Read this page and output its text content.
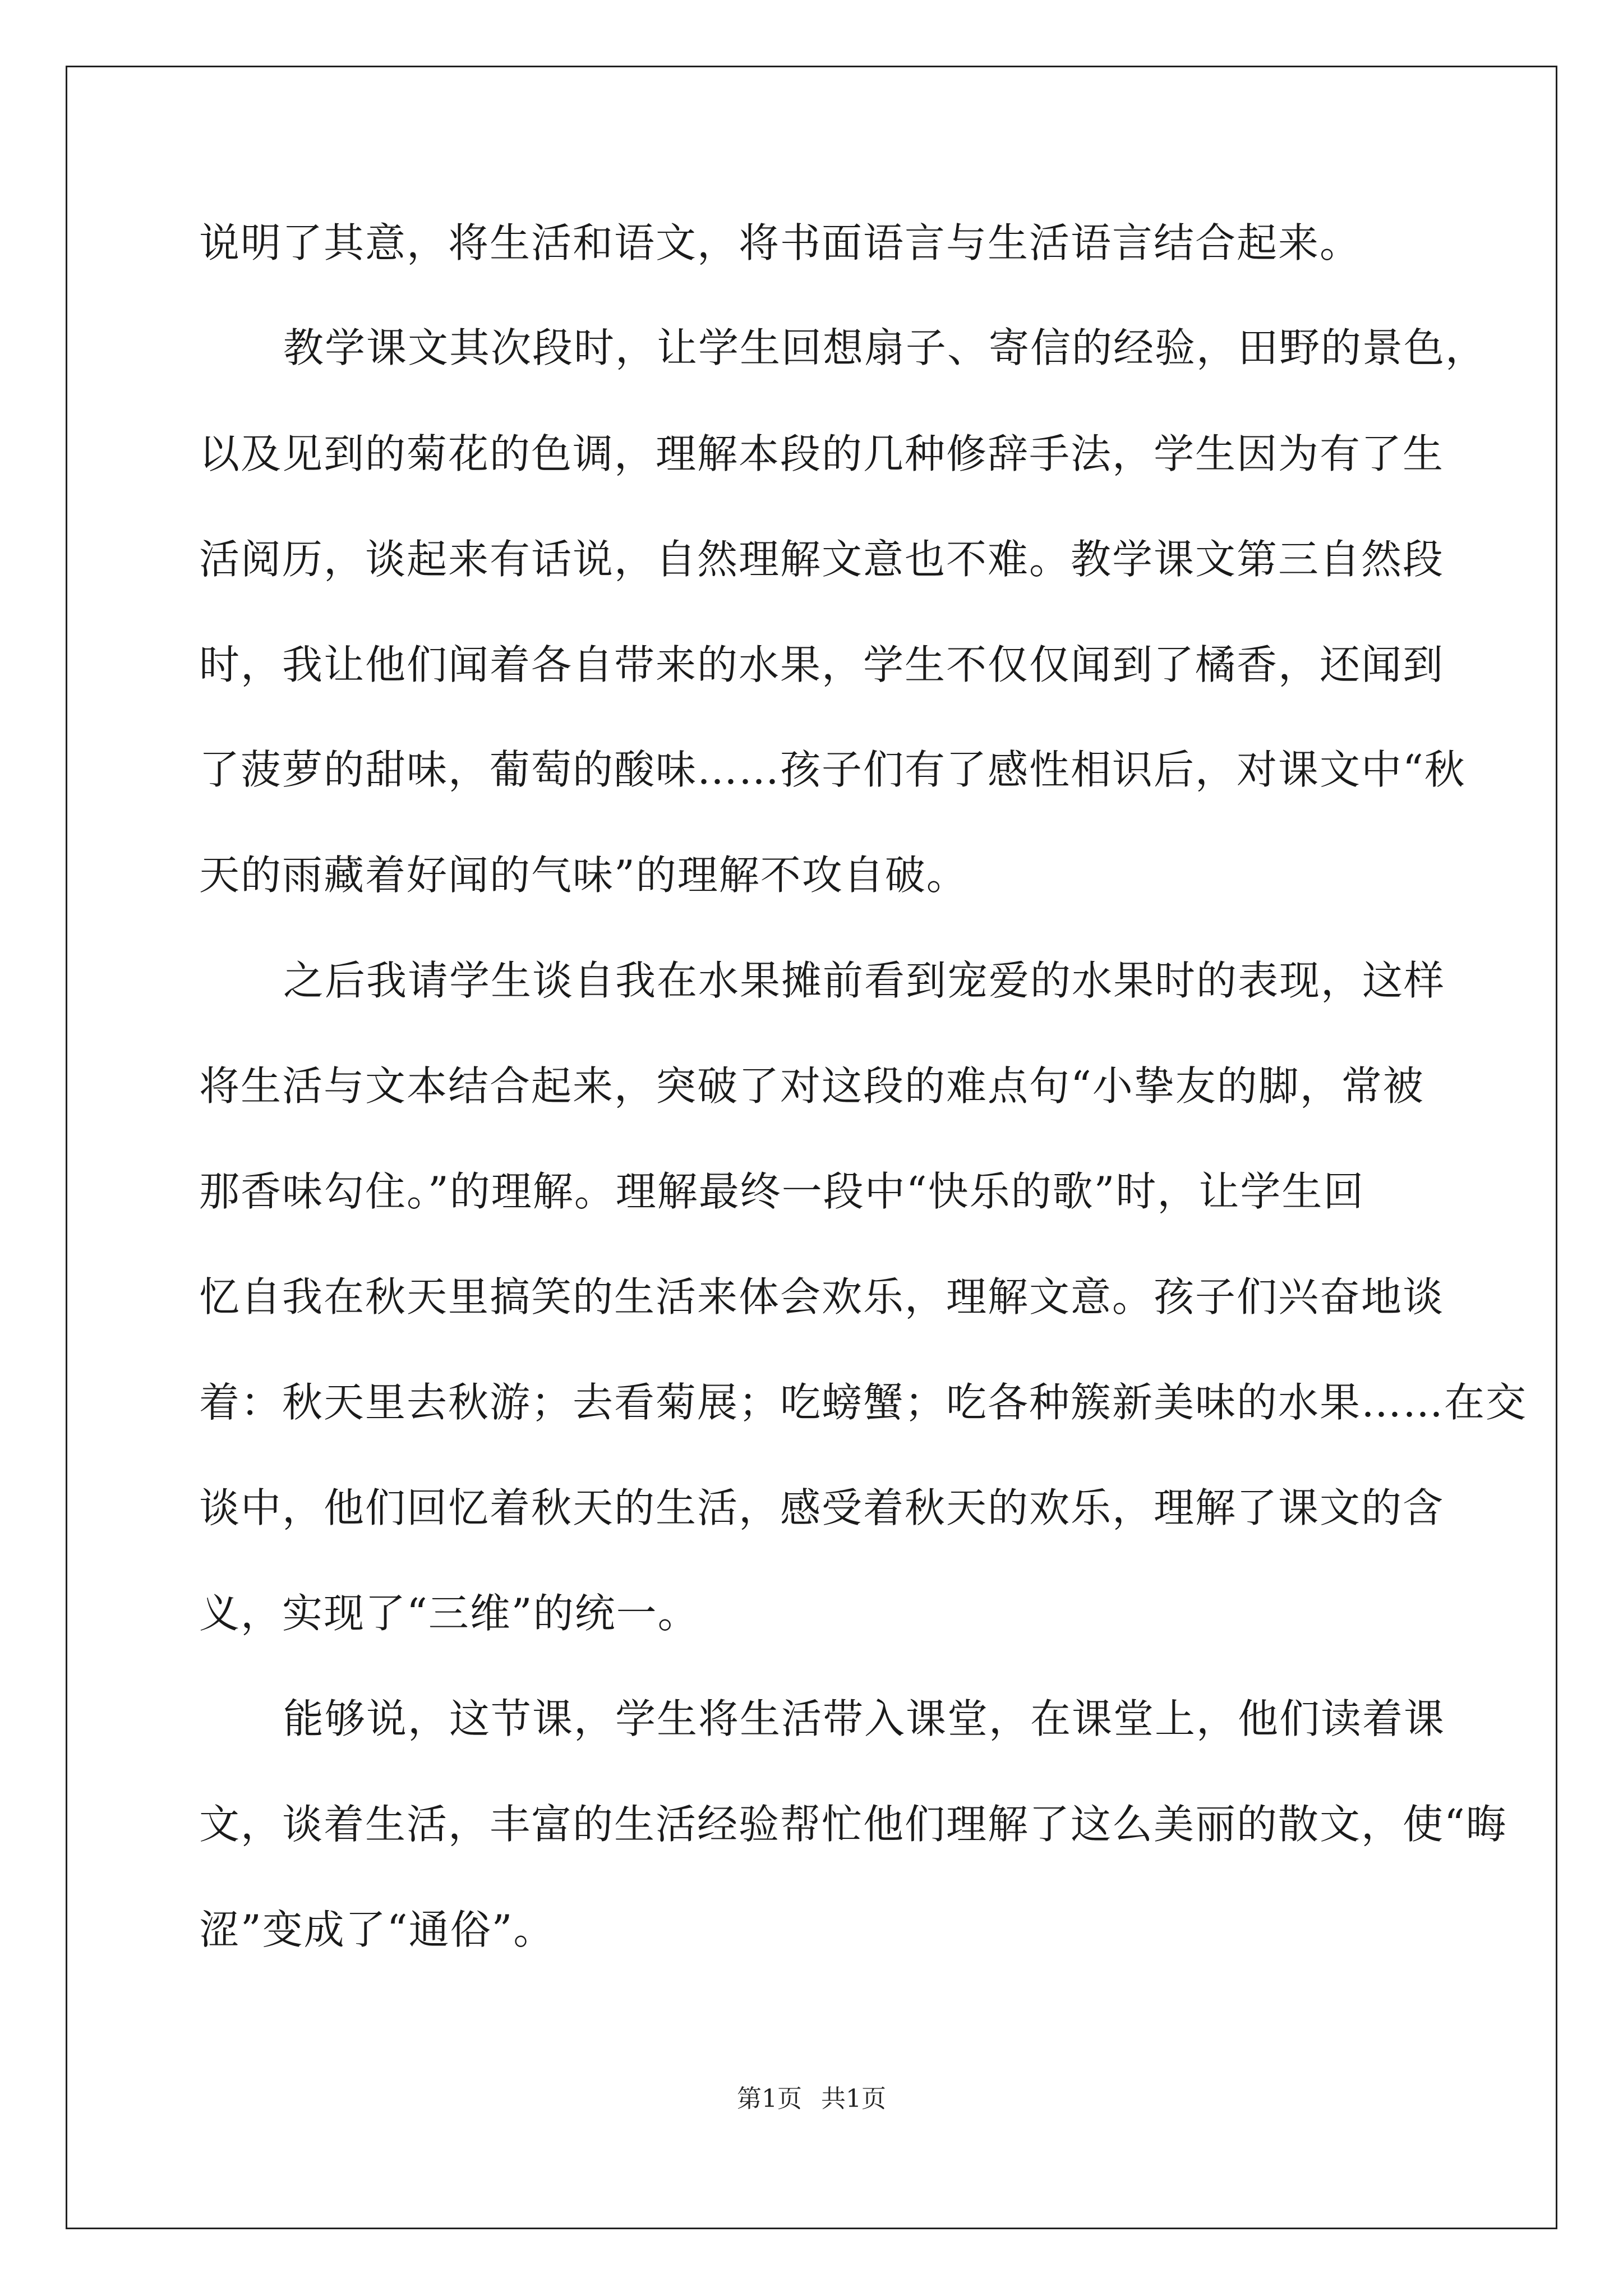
说明了其意，将生活和语文，将书面语言与生活语言结合起来。
教学课文其次段时，让学生回想扇子、寄信的经验，田野的景色，
以及见到的菊花的色调，理解本段的几种修辞手法，学生因为有了生
活阅历，谈起来有话说，自然理解文意也不难。教学课文第三自然段
时，我让他们闻着各自带来的水果，学生不仅仅闻到了橘香，还闻到
了菠萝的甜味，葡萄的酸味……孩子们有了感性相识后，对课文中“秋
天的雨藏着好闻的气味”的理解不攻自破。
之后我请学生谈自我在水果摊前看到宠爱的水果时的表现，这样
将生活与文本结合起来，突破了对这段的难点句“小挚友的脚，常被
那香味勾住。”的理解。理解最终一段中“快乐的歌”时，让学生回
忆自我在秋天里搞笑的生活来体会欢乐，理解文意。孩子们兴奋地谈
着：秋天里去秋游；去看菊展；吃螃蟹；吃各种簇新美味的水果……在交
谈中，他们回忆着秋天的生活，感受着秋天的欢乐，理解了课文的含
义，实现了“三维”的统一。
能够说，这节课，学生将生活带入课堂，在课堂上，他们读着课
文，谈着生活，丰富的生活经验帮忙他们理解了这么美丽的散文，使“晦
涩”变成了“通俗”。
第1页 共1页
